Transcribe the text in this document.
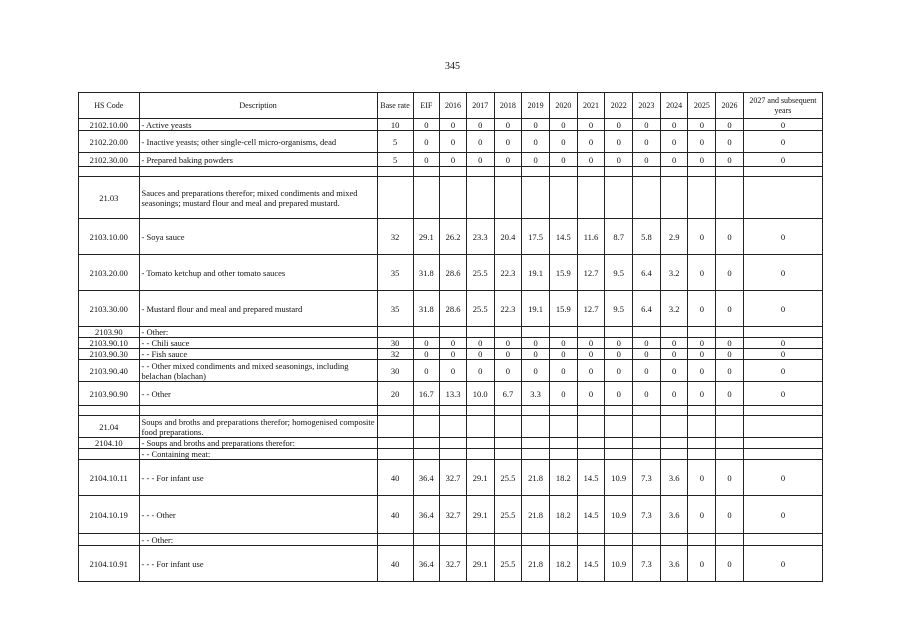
345
HS Code	Description	Base rate	EIF	2016	2017	2018	2019	2020	2021	2022	2023	2024	2025	2026	2027 and subsequent years
2102.10.00	- Active yeasts	10	0	0	0	0	0	0	0	0	0	0	0	0	0
2102.20.00	- Inactive yeasts; other single-cell micro-organisms, dead	5	0	0	0	0	0	0	0	0	0	0	0	0	0
2102.30.00	- Prepared baking powders	5	0	0	0	0	0	0	0	0	0	0	0	0	0

21.03	Sauces and preparations therefor; mixed condiments and mixed seasonings; mustard flour and meal and prepared mustard.														
2103.10.00	- Soya sauce	32	29.1	26.2	23.3	20.4	17.5	14.5	11.6	8.7	5.8	2.9	0	0	0
2103.20.00	- Tomato ketchup and other tomato sauces	35	31.8	28.6	25.5	22.3	19.1	15.9	12.7	9.5	6.4	3.2	0	0	0
2103.30.00	- Mustard flour and meal and prepared mustard	35	31.8	28.6	25.5	22.3	19.1	15.9	12.7	9.5	6.4	3.2	0	0	0
2103.90	- Other:														
2103.90.10	- - Chili sauce	30	0	0	0	0	0	0	0	0	0	0	0	0	0
2103.90.30	- - Fish sauce	32	0	0	0	0	0	0	0	0	0	0	0	0	0
2103.90.40	- - Other mixed condiments and mixed seasonings, including belachan (blachan)	30	0	0	0	0	0	0	0	0	0	0	0	0	0
2103.90.90	- - Other	20	16.7	13.3	10.0	6.7	3.3	0	0	0	0	0	0	0	0

21.04	Soups and broths and preparations therefor; homogenised composite food preparations.														
2104.10	- Soups and broths and preparations therefor:														
	- - Containing meat:														
2104.10.11	- - - For infant use	40	36.4	32.7	29.1	25.5	21.8	18.2	14.5	10.9	7.3	3.6	0	0	0
2104.10.19	- - - Other	40	36.4	32.7	29.1	25.5	21.8	18.2	14.5	10.9	7.3	3.6	0	0	0
	- - Other:														
2104.10.91	- - - For infant use	40	36.4	32.7	29.1	25.5	21.8	18.2	14.5	10.9	7.3	3.6	0	0	0
